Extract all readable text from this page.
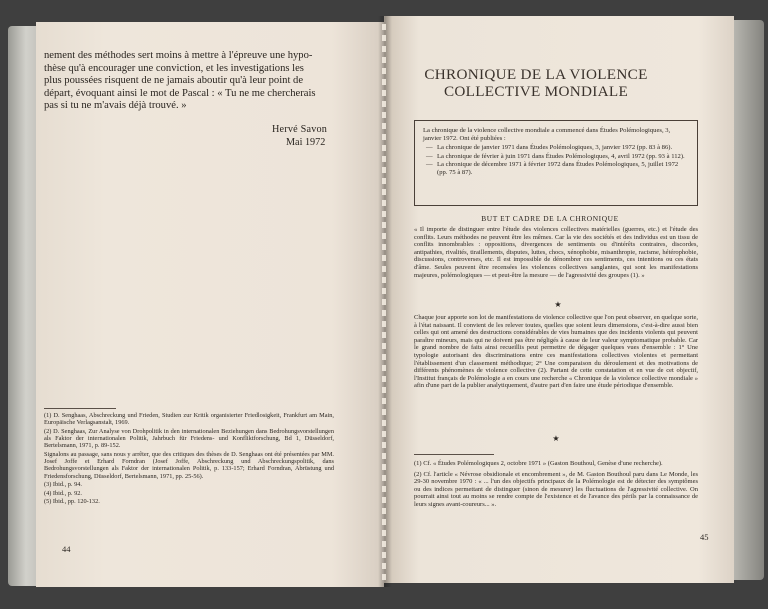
nement des méthodes sert moins à mettre à l'épreuve une hypo-

thèse qu'à encourager une conviction, et les investigations les

plus poussées risquent de ne jamais aboutir qu'à leur point de

départ, évoquant ainsi le mot de Pascal : « Tu ne me chercherais

pas si tu ne m'avais déjà trouvé. »

Hervé Savon
Mai 1972

(1) D. Senghaas, Abschreckung und Frieden, Studien zur Kritik organisierter Friedlosigkeit, Frankfurt am Main, Europäische Verlagsanstalt, 1969.

(2) D. Senghaas, Zur Analyse von Drohpolitik in den internationalen Beziehungen dans Bedrohungsvorstellungen als Faktor der internationalen Politik, Jahrbuch für Friedens- und Konfliktforschung, Bd 1, Düsseldorf, Bertelsmann, 1971, p. 89-152.

Signalons au passage, sans nous y arrêter, que des critiques des thèses de D. Senghaas ont été présentées par MM. Josef Joffe et Erhard Forndran (Josef Joffe, Abschreckung und Abschreckungspolitik, dans Bedrohungsvorstellungen als Faktor der internationalen Politik, p. 133-157; Erhard Forndran, Abrüstung und Friedensforschung, Düsseldorf, Bertelsmann, 1971, pp. 25-56).

(3) Ibid., p. 94.

(4) Ibid., p. 92.

(5) Ibid., pp. 120-132.

44
CHRONIQUE DE LA VIOLENCE
COLLECTIVE MONDIALE

La chronique de la violence collective mondiale a commencé dans Études Polémologiques, 3, janvier 1972. Ont été publiées :

— La chronique de janvier 1971 dans Études Polémologiques, 3, janvier 1972 (pp. 83 à 86).
— La chronique de février à juin 1971 dans Études Polémologiques, 4, avril 1972 (pp. 93 à 112).
— La chronique de décembre 1971 à février 1972 dans Études Polémologiques, 5, juillet 1972 (pp. 75 à 87).
BUT ET CADRE DE LA CHRONIQUE
« Il importe de distinguer entre l'étude des violences collectives matérielles (guerres, etc.) et l'étude des conflits. Leurs méthodes ne peuvent être les mêmes. Car la vie des sociétés et des individus est un tissu de conflits innombrables : oppositions, divergences de sentiments ou d'intérêts contraires, discordes, antipathies, rivalités, tiraillements, disputes, luttes, chocs, xénophobie, misanthropie, racisme, hétérophobie, discussions, controverses, etc. Il est impossible de dénombrer ces sentiments, ces intentions ou ces états d'âme. Seules peuvent être recensées les violences collectives sanglantes, qui sont les manifestations majeures, polémologiques — et peut-être la mesure — de l'agressivité des groupes (1). »
★
Chaque jour apporte son lot de manifestations de violence collective que l'on peut observer, en quelque sorte, à l'état naissant. Il convient de les relever toutes, quelles que soient leurs dimensions, c'est-à-dire aussi bien celles qui ont amené des destructions considérables de vies humaines que des incidents violents qui peuvent paraître mineurs, mais qui ne doivent pas être négligés à cause de leur valeur symptomatique probable. Car le grand nombre de faits ainsi recueillis peut permettre de dégager quelques vues d'ensemble : 1° Une typologie autorisant des discriminations entre ces manifestations collectives violentes et permettant l'établissement d'un classement méthodique; 2° Une comparaison du déroulement et des motivations de différents phénomènes de violence collective (2). Partant de cette constatation et en vue de cet objectif, l'Institut français de Polémologie a en cours une recherche « Chronique de la violence collective mondiale » afin d'une part de la publier analytiquement, d'autre part d'en faire une étude périodique d'ensemble.
★

(1) Cf. « Études Polémologiques 2, octobre 1971 » (Gaston Bouthoul, Genèse d'une recherche).

(2) Cf. l'article « Névrose obsidionale et encombrement », de M. Gaston Bouthoul paru dans Le Monde, les 29-30 novembre 1970 : « ... l'un des objectifs principaux de la Polémologie est de détecter des symptômes ou des indices permettant de distinguer (sinon de mesurer) les fluctuations de l'agressivité collective. On pourrait ainsi tout au moins se rendre compte de l'existence et de l'avance des périls par la connaissance de leurs signes avant-coureurs... ».

45
